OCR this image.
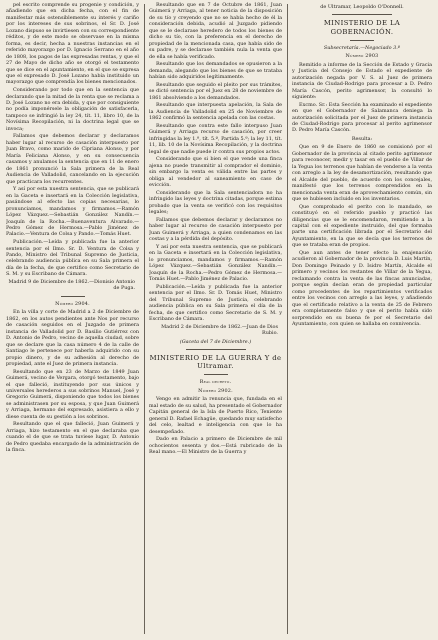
pel escrito comprende su progenie y condición, y añadiendo que en dicha fecha, con el fin de manifestar más ostensiblemente su interés y cariño por los intereses de sus sobrinos, el Sr. D. José Lozano dispuso se invirtiesen con su correspondiente réditos, y de este modo se observase en la misma forma, es decir, hecha a nuestras instancias en el referido mayorazgo por D. Ignacio Serrano en el año de 1808, los pagos de las expresadas rentas, y que el 27 de Mayo de dicho año se otorgó el testamento que se dice en el apuntamiento, en el que se expresa que el expresado D. José Lozano había instituido un mayorazgo que comprendía los bienes mencionados.

Considerando por todo que en la sentencia que declarando que la mitad de la renta que se reclama a D. José Lozano no era debida, y que por consiguiente no podía imponérsele la obligación de satisfacerla, tampoco se infringió la ley 24, tít. 11, libro 10, de la Novísima Recopilación, ni la doctrina legal que se invoca;

Fallamos que debemos declarar y declaramos haber lugar al recurso de casación interpuesto por Juan Bravo, como marido de Cipriana Alonso, y por María Feliciana Alonso, y en su consecuencia casamos y anulamos la sentencia que en 11 de enero de 1861 pronunció la Sala primera de la Real Audiencia de Valladolid, cancelando en la ejecución que practicara los recurrentes.

Y así por esta nuestra sentencia, que se publicará en la Gaceta e insertará en la Colección legislativa, pasándose al efecto las copias necesarias, lo pronunciamos, mandamos y firmamos.—Ramón López Vázquez.—Sebastián González Nandín.—Joaquín de la Rocha.—Buenaventura Alvarado.—Pedro Gómez de Hermosa.—Pablo Jiménez de Palacio.—Ventura de Colsa y Pando.—Tomás Huet.

Publicación.—Leída y publicada fue la anterior sentencia por el Ilmo. Sr. D. Ventura de Colsa y Pando, Ministro del Tribunal Supremo de Justicia, celebrando audiencia pública en su Sala primera el día de la fecha, de que certifico como Secretario de S. M. y su Escribano de Cámara.

Madrid 9 de Diciembre de 1862.—Dionisio Antonio de Puga.

Número 2904.

En la villa y corte de Madrid a 2 de Diciembre de 1862, en los autos pendientes ante Nos por recurso de casación seguidos en el Juzgado de primera instancia de Valladolid por D. Basilio Gutiérrez con D. Antonio de Pedro, vecino de aquella ciudad, sobre que se declare que la casa número 4 de la calle de Santiago le pertenece por haberla adquirido con su propio dinero, y de su adhesión al derecho de propiedad, ante el Juez de primera instancia.

Resultando que en 23 de Marzo de 1849 Juan Guimerá, vecino de Vergara, otorgó testamento, bajo el que falleció, instituyendo por sus únicos y universales herederos a sus sobrinos Manuel, José y Gregorio Guimerá, disponiendo que todos los bienes se administrasen por su esposa, y que Juan Guimerá y Arriaga, hermano del expresado, asistiera a ello y diese cuenta de su gestión a los sobrinos.

Resultando que el que falleció, Juan Guimerá y Arriaga, hizo testamento en el que declaraba que cuando el de que se trata tuviese lugar, D. Antonio de Pedro quedaba encargado de la administración de la finca.

Resultando que en 7 de Octubre de 1861, Juan Guimerá y Arriaga, al tener noticia de la disposición de su tío y creyendo que no se había hecho de él la consideración debida, acudió al Juzgado pidiendo que se le declarase heredero de todos los bienes de dicho su tío, con la preferencia en el derecho de propiedad de la mencionada casa, que había sido de su padre, y se declarase también nula la venta que de ella se había verificado.

Resultando que los demandados se opusieron a la demanda, alegando que los bienes de que se trataba habían sido adquiridos legítimamente.

Resultando que seguido el pleito por sus trámites, se dictó sentencia por el Juez en 28 de noviembre de 1861 absolviendo a los demandados.

Resultando que interpuesta apelación, la Sala de la Audiencia de Valladolid en 25 de Noviembre de 1862 confirmó la sentencia apelada con las costas.

Resultando que contra este fallo interpuso Juan Guimerá y Arriaga recurso de casación, por creer infringidas la ley 1.ª, tít. 5.º, Partida 5.ª; la ley 11, tít. 11, lib. 10 de la Novísima Recopilación, y la doctrina legal de que nadie puede ir contra sus propios actos.

Considerando que si bien el que vende una finca ajena no puede transmitir al comprador el dominio, sin embargo la venta es válida entre las partes y obliga al vendedor al saneamiento en caso de evicción.

Considerando que la Sala sentenciadora no ha infringido las leyes y doctrina citadas, porque estima probado que la venta se verificó con los requisitos legales;

Fallamos que debemos declarar y declaramos no haber lugar al recurso de casación interpuesto por Juan Guimerá y Arriaga, a quien condenamos en las costas y a la pérdida del depósito.

Y así por esta nuestra sentencia, que se publicará en la Gaceta e insertará en la Colección legislativa, lo pronunciamos, mandamos y firmamos.—Ramón López Vázquez.—Sebastián González Nandín.—Joaquín de la Rocha.—Pedro Gómez de Hermosa.—Tomás Huet.—Pablo Jiménez de Palacio.

Publicación.—Leída y publicada fue la anterior sentencia por el Ilmo. Sr. D. Tomás Huet, Ministro del Tribunal Supremo de Justicia, celebrando audiencia pública en su Sala primera el día de la fecha, de que certifico como Secretario de S. M. y Escribano de Cámara.

Madrid 2 de Diciembre de 1862.—Juan de Dios Rubio.

(Gaceta del 7 de Diciembre.)

MINISTERIO DE LA GUERRA Y de Ultramar.

Real decreto.

Número 2902.

Vengo en admitir la renuncia que, fundada en el mal estado de su salud, ha presentado el Gobernador Capitán general de la Isla de Puerto Rico, Teniente general D. Rafael Echagüe, quedando muy satisfecho del celo, lealtad e inteligencia con que lo ha desempeñado.

Dado en Palacio a primero de Diciembre de mil ochocientos sesenta y dos.—Está rubricado de la Real mano.—El Ministro de la Guerra y

de Ultramar, Leopoldo O'Donnell.

MINISTERIO DE LA GOBERNACIÓN.

Subsecretaría.—Negociado 3.º

Número 2903

Remitido a informe de la Sección de Estado y Gracia y Justicia del Consejo de Estado el expediente de autorización negada por V. S. al Juez de primera instancia de Ciudad-Rodrigo para procesar a D. Pedro María Cascón, perito agrimensor, la consultó lo siguiente:

Excmo. Sr.: Esta Sección ha examinado el expediente en que el Gobernador de Salamanca deniega la autorización solicitada por el Juez de primera instancia de Ciudad-Rodrigo para procesar al perito agrimensor D. Pedro María Cascón.

Resulta:

Que en 9 de Enero de 1860 se comisionó por el Gobernador de la provincia al citado perito agrimensor para reconocer, medir y tasar en el pueblo de Villar de la Yegua los terrenos que habían de venderse a la venta con arreglo a la ley de desamortización, resultando que el Alcalde del pueblo, de acuerdo con los concejales, manifestó que los terrenos comprendidos en la mencionada venta eran de aprovechamiento común, sin que se hubiesen incluido en los inventarios.

Que comprobado el perito con lo mandado, se constituyó en el referido pueblo y practicó las diligencias que se le encomendaron, remitiendo a la capital con el expediente instruido, del que formaba parte una certificación librada por el Secretario del Ayuntamiento, en la que se decía que los terrenos de que se trataba eran de propios.

Que aun antes de tener efecto la enajenación acudieron al Gobernador de la provincia D. Luis Martín, Don Domingo Peinado y D. Isidro Martín, Alcalde el primero y vecinos los restantes de Villar de la Yegua, reclamando contra la venta de las fincas anunciadas, porque según decían eran de propiedad particular como procedentes de los repartimientos verificados entre los vecinos con arreglo a las leyes, y añadiendo que el certificado relativo a la venta de 25 de Febrero era completamente falso y que el perito había sido sorprendido en su buena fe por el Secretario del Ayuntamiento, con quien se hallaba en connivencia.
